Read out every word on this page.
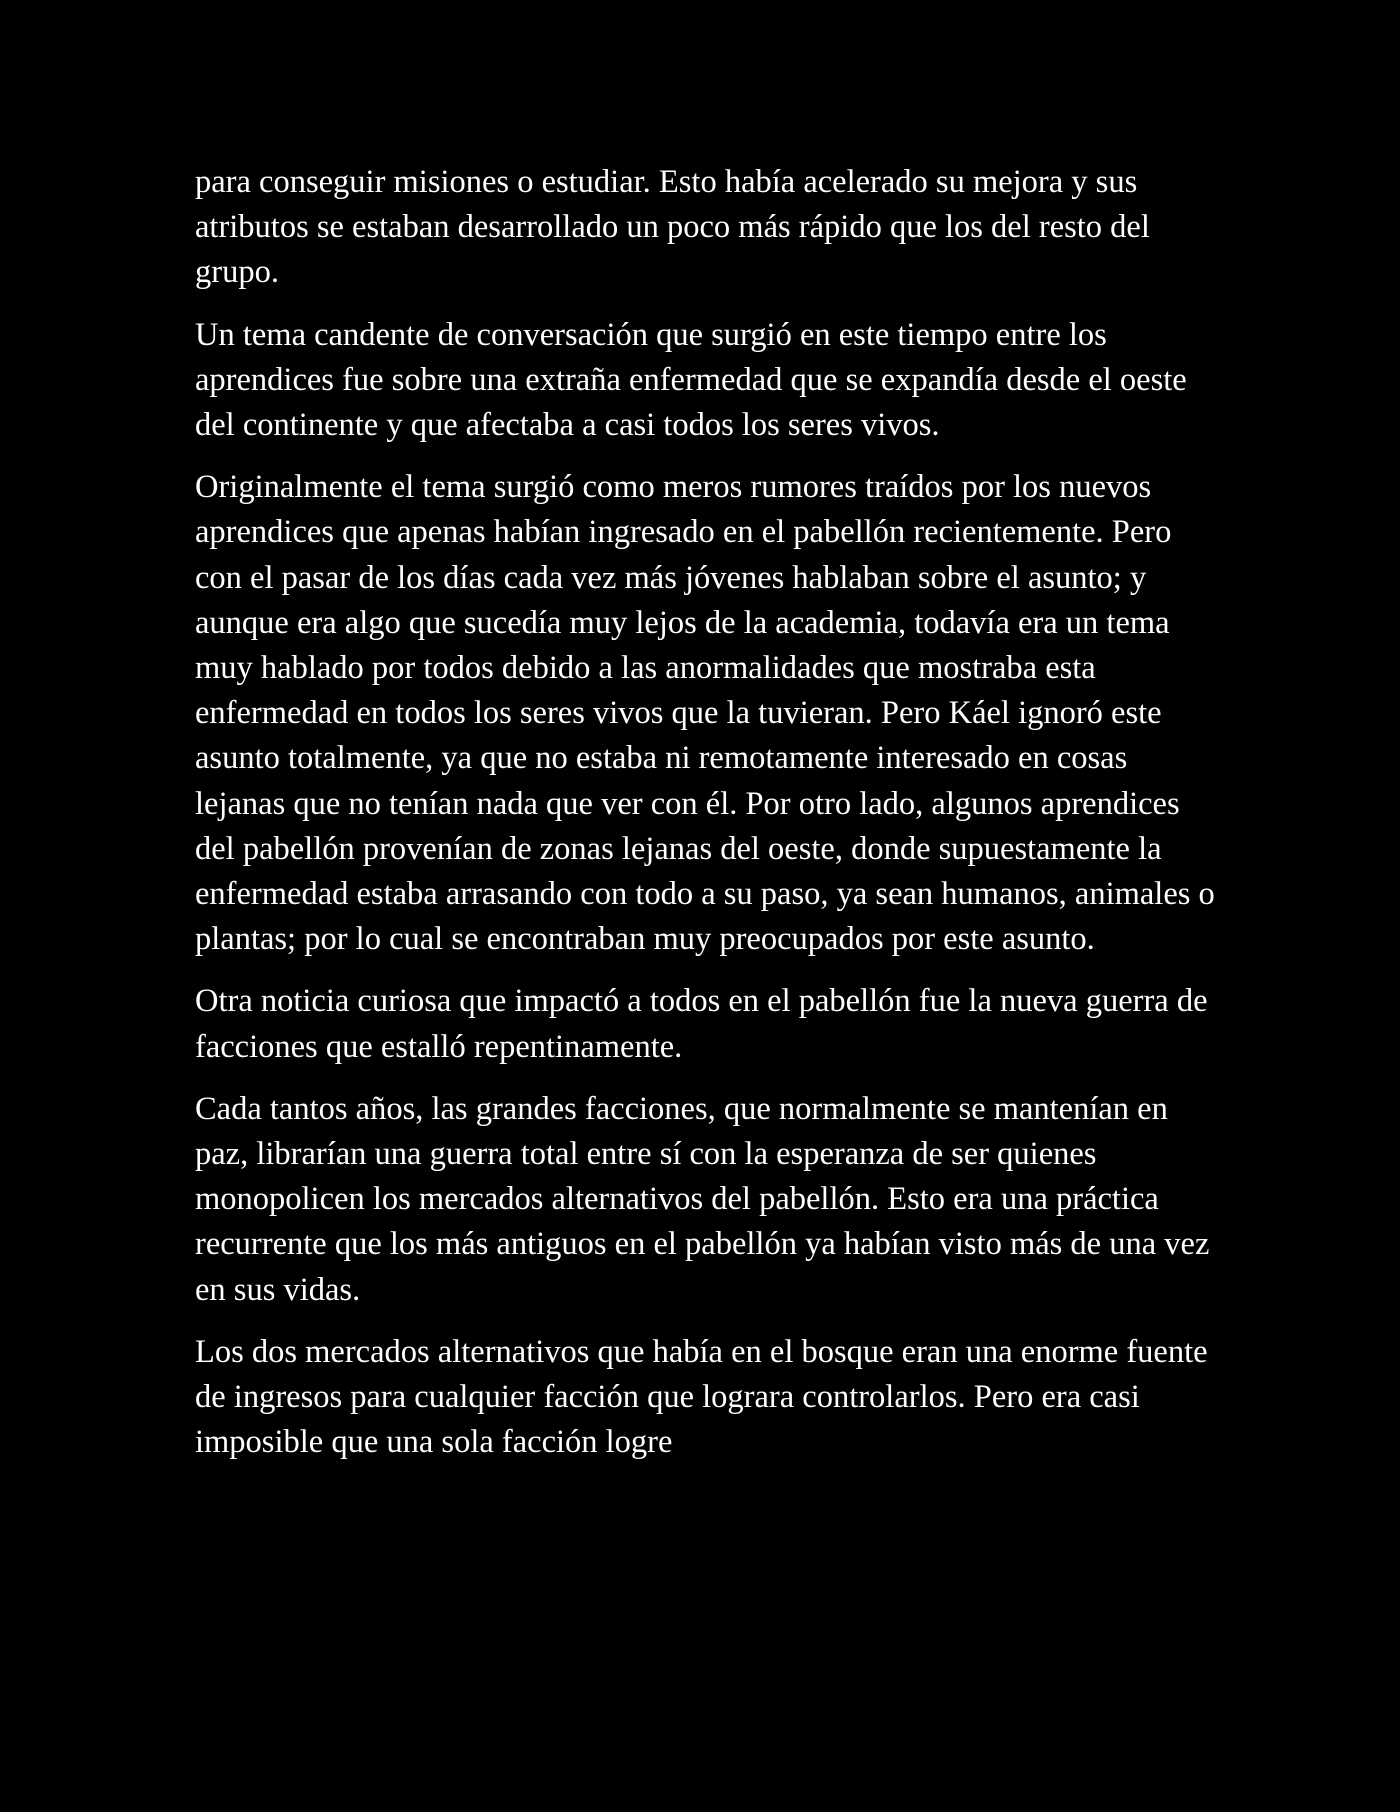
para conseguir misiones o estudiar. Esto había acelerado su mejora y sus atributos se estaban desarrollado un poco más rápido que los del resto del grupo.

Un tema candente de conversación que surgió en este tiempo entre los aprendices fue sobre una extraña enfermedad que se expandía desde el oeste del continente y que afectaba a casi todos los seres vivos.

Originalmente el tema surgió como meros rumores traídos por los nuevos aprendices que apenas habían ingresado en el pabellón recientemente. Pero con el pasar de los días cada vez más jóvenes hablaban sobre el asunto; y aunque era algo que sucedía muy lejos de la academia, todavía era un tema muy hablado por todos debido a las anormalidades que mostraba esta enfermedad en todos los seres vivos que la tuvieran. Pero Káel ignoró este asunto totalmente, ya que no estaba ni remotamente interesado en cosas lejanas que no tenían nada que ver con él. Por otro lado, algunos aprendices del pabellón provenían de zonas lejanas del oeste, donde supuestamente la enfermedad estaba arrasando con todo a su paso, ya sean humanos, animales o plantas; por lo cual se encontraban muy preocupados por este asunto.

Otra noticia curiosa que impactó a todos en el pabellón fue la nueva guerra de facciones que estalló repentinamente.

Cada tantos años, las grandes facciones, que normalmente se mantenían en paz, librarían una guerra total entre sí con la esperanza de ser quienes monopolicen los mercados alternativos del pabellón. Esto era una práctica recurrente que los más antiguos en el pabellón ya habían visto más de una vez en sus vidas.

Los dos mercados alternativos que había en el bosque eran una enorme fuente de ingresos para cualquier facción que lograra controlarlos. Pero era casi imposible que una sola facción logre
